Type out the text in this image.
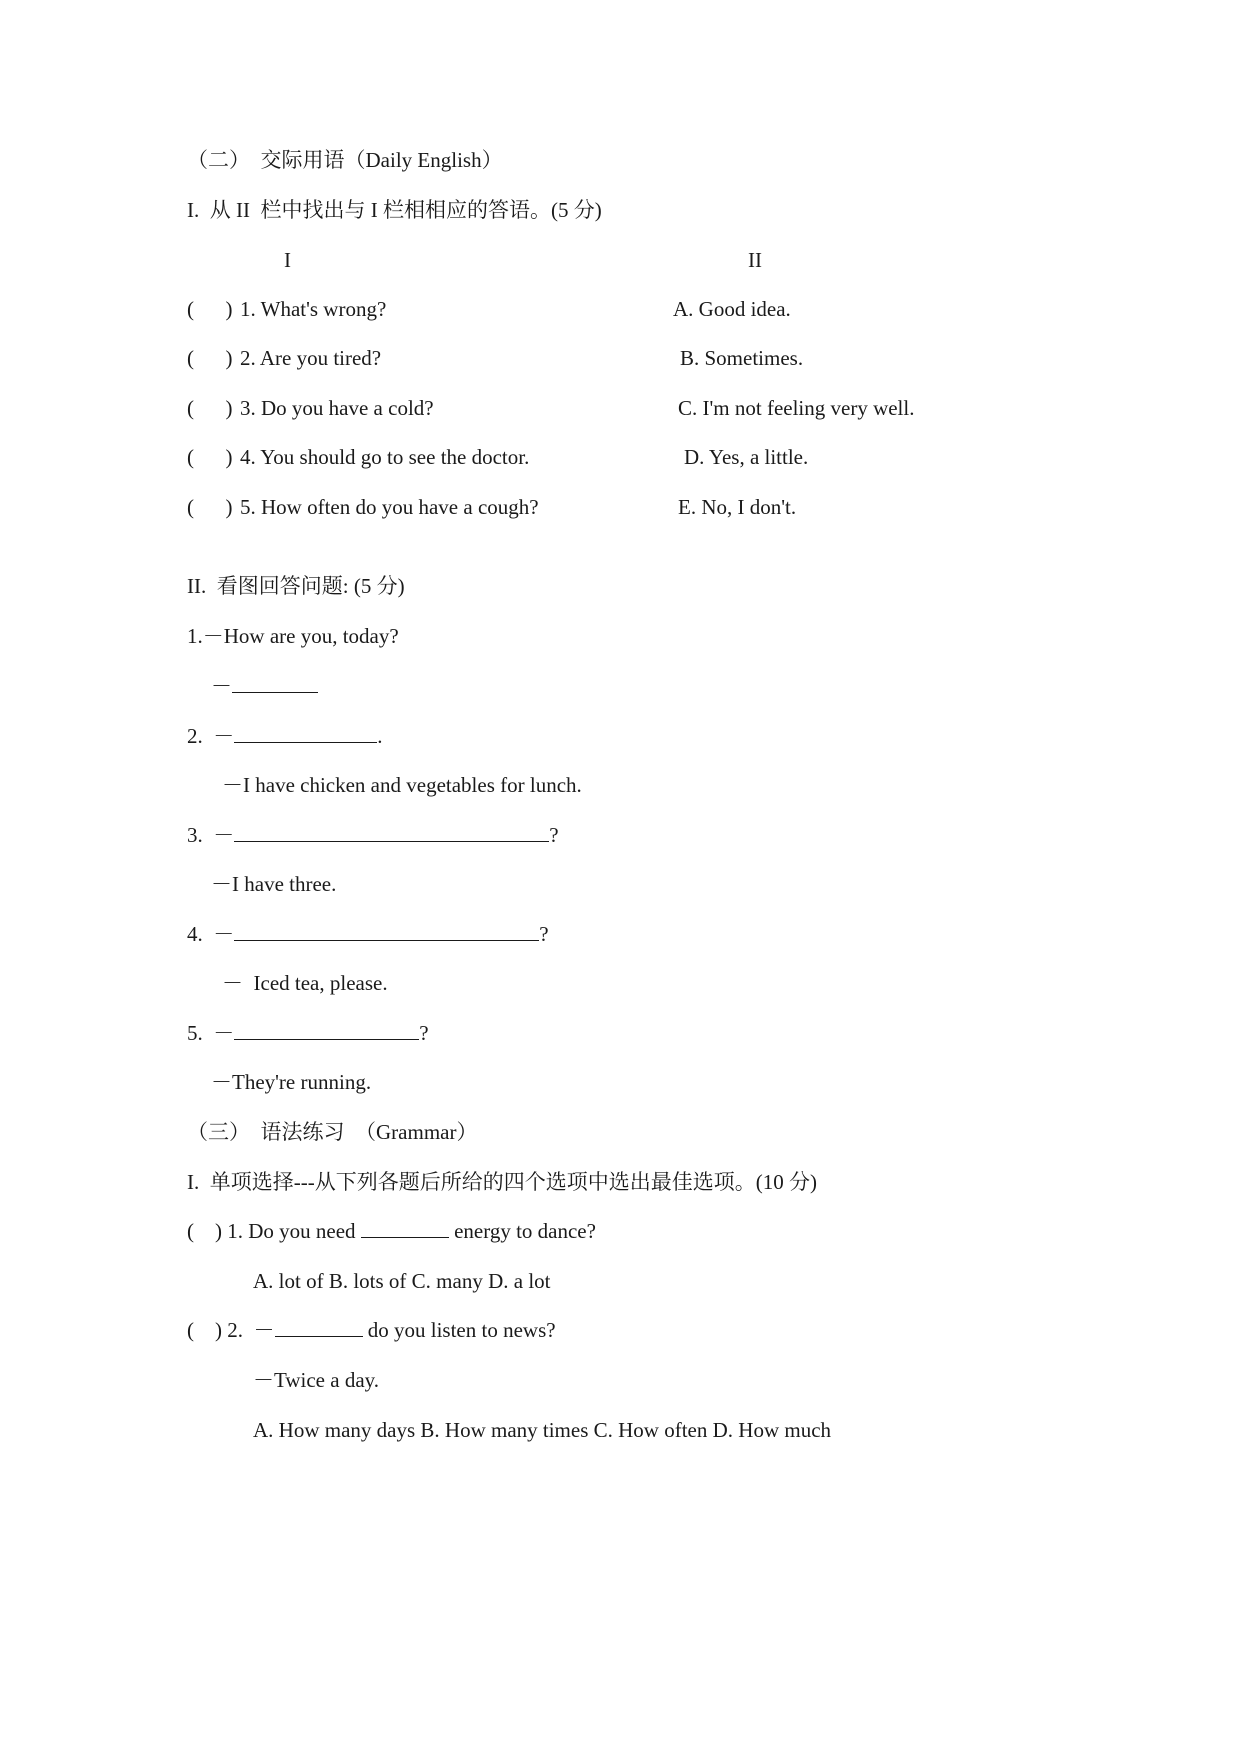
（二）  交际用语（Daily English）
I.  从 II  栏中找出与 I 栏相相应的答语。(5 分)
I	II
(      ) 1. What's wrong?	A. Good idea.
(      ) 2. Are you tired?	B. Sometimes.
(      ) 3. Do you have a cold?	C. I'm not feeling very well.
(      ) 4. You should go to see the doctor.	D. Yes, a little.
(      ) 5. How often do you have a cough?	E. No, I don't.
II.  看图回答问题: (5 分)
1.－How are you, today?
－
2.  －	.
－I have chicken and vegetables for lunch.
3.  －	?
－I have three.
4.  －	?
－  Iced tea, please.
5.  －	?
－They're running.
（三）  语法练习  （Grammar）
I.  单项选择---从下列各题后所给的四个选项中选出最佳选项。(10 分)
(    ) 1. Do you need	energy to dance?
A. lot of B. lots of C. many D. a lot
(    ) 2.  －	do you listen to news?
－Twice a day.
A. How many days B. How many times C. How often D. How much
